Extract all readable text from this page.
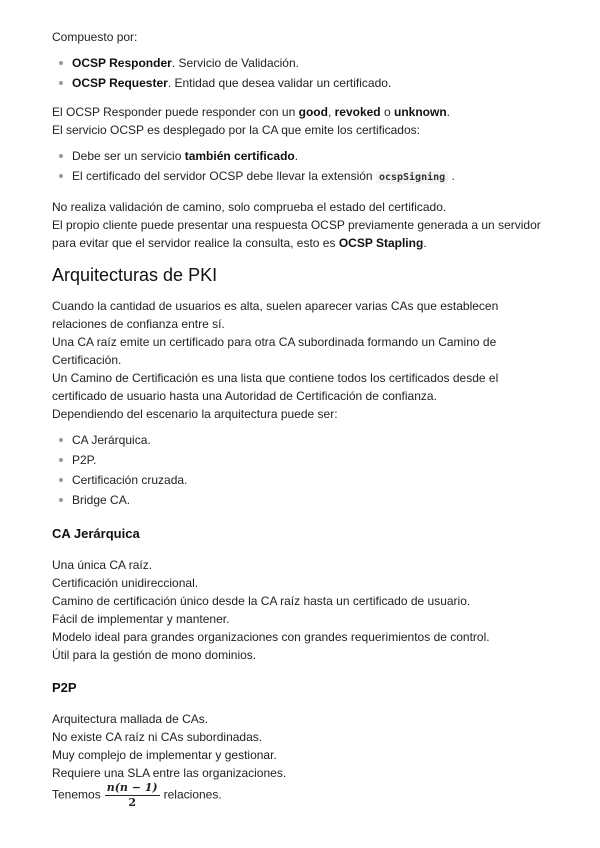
Compuesto por:

OCSP Responder. Servicio de Validación.
OCSP Requester. Entidad que desea validar un certificado.

El OCSP Responder puede responder con un good, revoked o unknown.

El servicio OCSP es desplegado por la CA que emite los certificados:

Debe ser un servicio también certificado.
El certificado del servidor OCSP debe llevar la extensión ocspSigning .

No realiza validación de camino, solo comprueba el estado del certificado.

El propio cliente puede presentar una respuesta OCSP previamente generada a un servidor para evitar que el servidor realice la consulta, esto es OCSP Stapling.

Arquitecturas de PKI

Cuando la cantidad de usuarios es alta, suelen aparecer varias CAs que establecen relaciones de confianza entre sí.

Una CA raíz emite un certificado para otra CA subordinada formando un Camino de Certificación.

Un Camino de Certificación es una lista que contiene todos los certificados desde el certificado de usuario hasta una Autoridad de Certificación de confianza.

Dependiendo del escenario la arquitectura puede ser:

CA Jerárquica.
P2P.
Certificación cruzada.
Bridge CA.
CA Jerárquica

Una única CA raíz.

Certificación unidireccional.

Camino de certificación único desde la CA raíz hasta un certificado de usuario.

Fácil de implementar y mantener.

Modelo ideal para grandes organizaciones con grandes requerimientos de control.

Útil para la gestión de mono dominios.

P2P

Arquitectura mallada de CAs.

No existe CA raíz ni CAs subordinadas.

Muy complejo de implementar y gestionar.

Requiere una SLA entre las organizaciones.

Tenemos $\frac{n(n - 1)}{2}$ relaciones.
